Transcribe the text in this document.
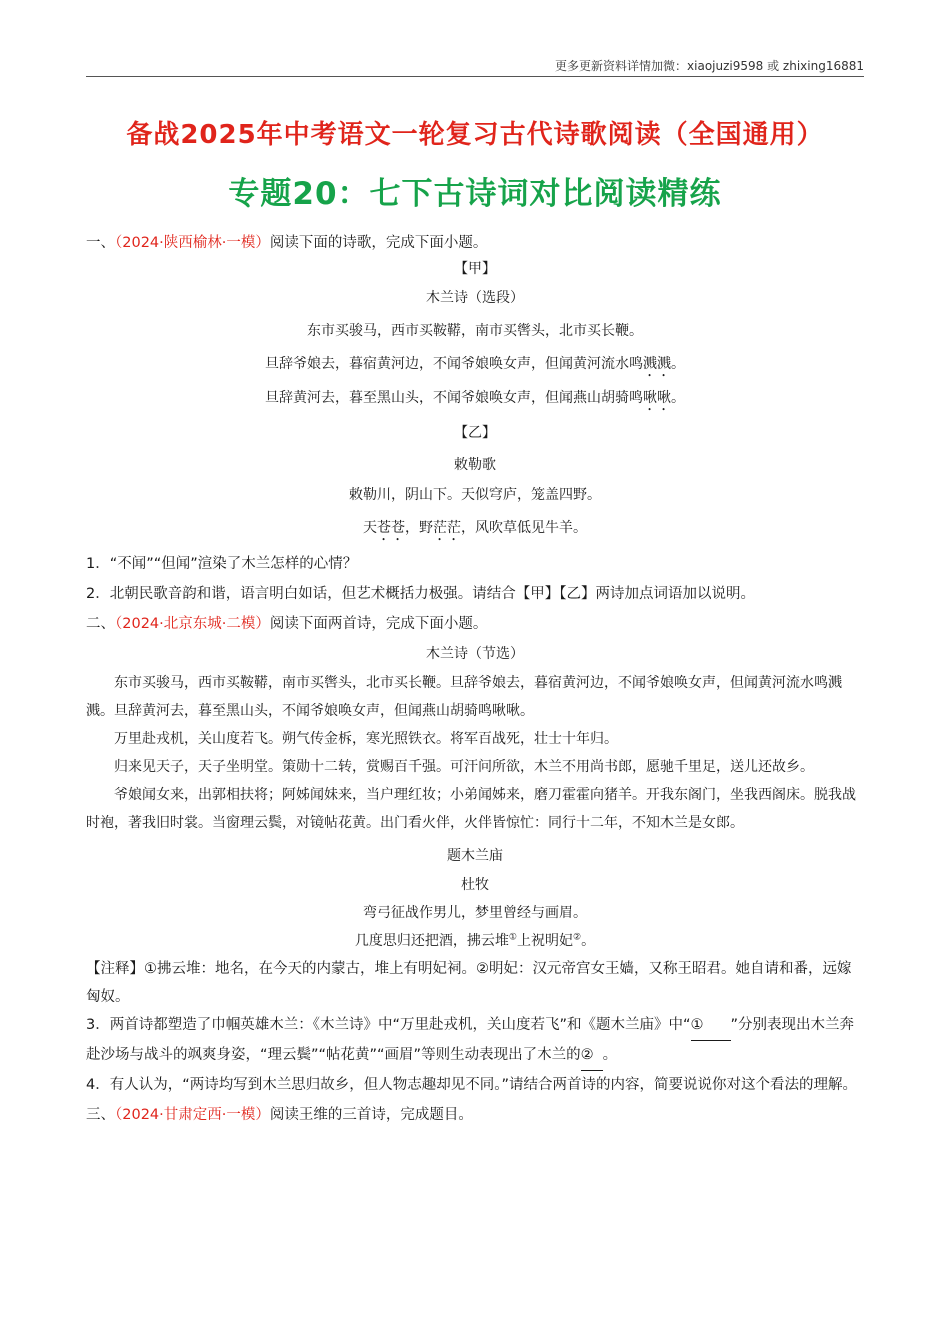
更多更新资料详情加微：xiaojuzi9598 或 zhixing16881
备战2025年中考语文一轮复习古代诗歌阅读（全国通用）
专题20：七下古诗词对比阅读精练
一、（2024·陕西榆林·一模）阅读下面的诗歌，完成下面小题。
【甲】
木兰诗（选段）
东市买骏马，西市买鞍鞯，南市买辔头，北市买长鞭。
旦辞爷娘去，暮宿黄河边，不闻爷娘唤女声，但闻黄河流水鸣溅溅。
旦辞黄河去，暮至黑山头，不闻爷娘唤女声，但闻燕山胡骑鸣啾啾。
【乙】
敕勒歌
敕勒川，阴山下。天似穹庐，笼盖四野。
天苍苍，野茫茫，风吹草低见牛羊。
1．“不闻”“但闻”渲染了木兰怎样的心情？
2．北朝民歌音韵和谐，语言明白如话，但艺术概括力极强。请结合【甲】【乙】两诗加点词语加以说明。
二、（2024·北京东城·二模）阅读下面两首诗，完成下面小题。
木兰诗（节选）
东市买骏马，西市买鞍鞯，南市买辔头，北市买长鞭。旦辞爷娘去，暮宿黄河边，不闻爷娘唤女声，但闻黄河流水鸣溅溅。旦辞黄河去，暮至黑山头，不闻爷娘唤女声，但闻燕山胡骑鸣啾啾。
万里赴戎机，关山度若飞。朔气传金柝，寒光照铁衣。将军百战死，壮士十年归。
归来见天子，天子坐明堂。策勋十二转，赏赐百千强。可汗问所欲，木兰不用尚书郎，愿驰千里足，送儿还故乡。
爷娘闻女来，出郭相扶将；阿姊闻妹来，当户理红妆；小弟闻姊来，磨刀霍霍向猪羊。开我东阁门，坐我西阁床。脱我战时袍，著我旧时裳。当窗理云鬓，对镜帖花黄。出门看火伴，火伴皆惊忙：同行十二年，不知木兰是女郎。
题木兰庙
杜牧
弯弓征战作男儿，梦里曾经与画眉。
几度思归还把酒，拂云堆①上祝明妃②。
【注释】①拂云堆：地名，在今天的内蒙古，堆上有明妃祠。②明妃：汉元帝宫女王嫱，又称王昭君。她自请和番，远嫁匈奴。
3．两首诗都塑造了巾帼英雄木兰：《木兰诗》中“万里赴戎机，关山度若飞”和《题木兰庙》中“① ”分别表现出木兰奔赴沙场与战斗的飒爽身姿，“理云鬓”“帖花黄”“画眉”等则生动表现出了木兰的② 。
4．有人认为，“两诗均写到木兰思归故乡，但人物志趣却见不同。”请结合两首诗的内容，简要说说你对这个看法的理解。
三、（2024·甘肃定西·一模）阅读王维的三首诗，完成题目。
